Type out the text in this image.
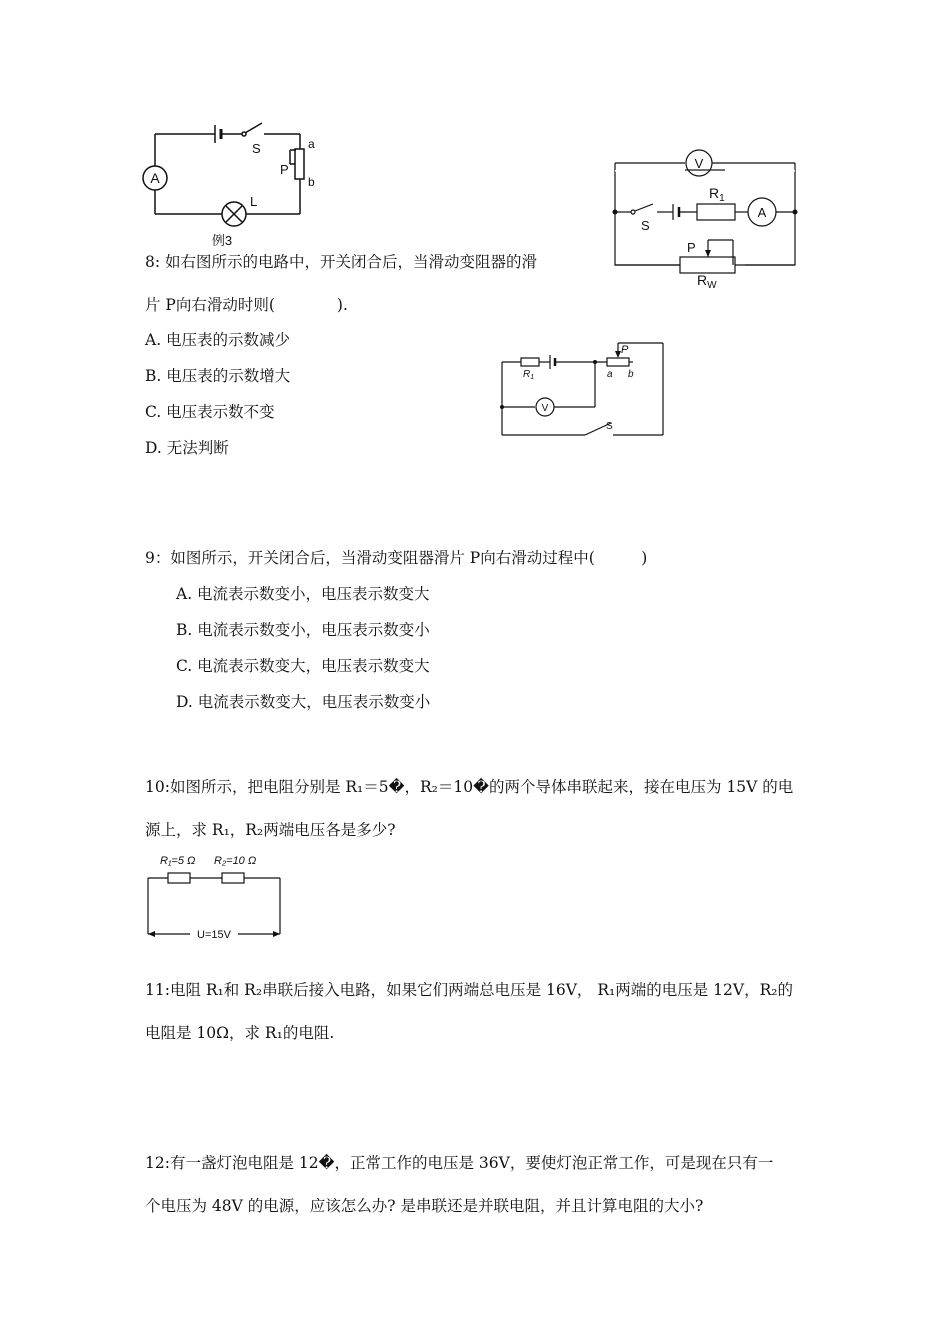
A
S
P
a
b
L
例3
V
S
$R_1$
A
P
$R_W$
8: 如右图所示的电路中，开关闭合后，当滑动变阻器的滑
片 P向右滑动时则(　　　　).
A. 电压表的示数减少
B. 电压表的示数增大
C. 电压表示数不变
D. 无法判断
$R_1$
P
a b
V
S
9：如图所示，开关闭合后，当滑动变阻器滑片 P向右滑动过程中(　　　)
A. 电流表示数变小，电压表示数变大
B. 电流表示数变小，电压表示数变小
C. 电流表示数变大，电压表示数变大
D. 电流表示数变大，电压表示数变小
10:如图所示，把电阻分别是 R₁＝5�，R₂＝10�的两个导体串联起来，接在电压为 15V 的电
源上，求 R₁，R₂两端电压各是多少?
R₁=5 Ω R₂=10 Ω
U=15V
11:电阻 R₁和 R₂串联后接入电路，如果它们两端总电压是 16V， R₁两端的电压是 12V，R₂的
电阻是 10Ω，求 R₁的电阻.
12:有一盏灯泡电阻是 12�，正常工作的电压是 36V，要使灯泡正常工作，可是现在只有一
个电压为 48V 的电源，应该怎么办? 是串联还是并联电阻，并且计算电阻的大小?
